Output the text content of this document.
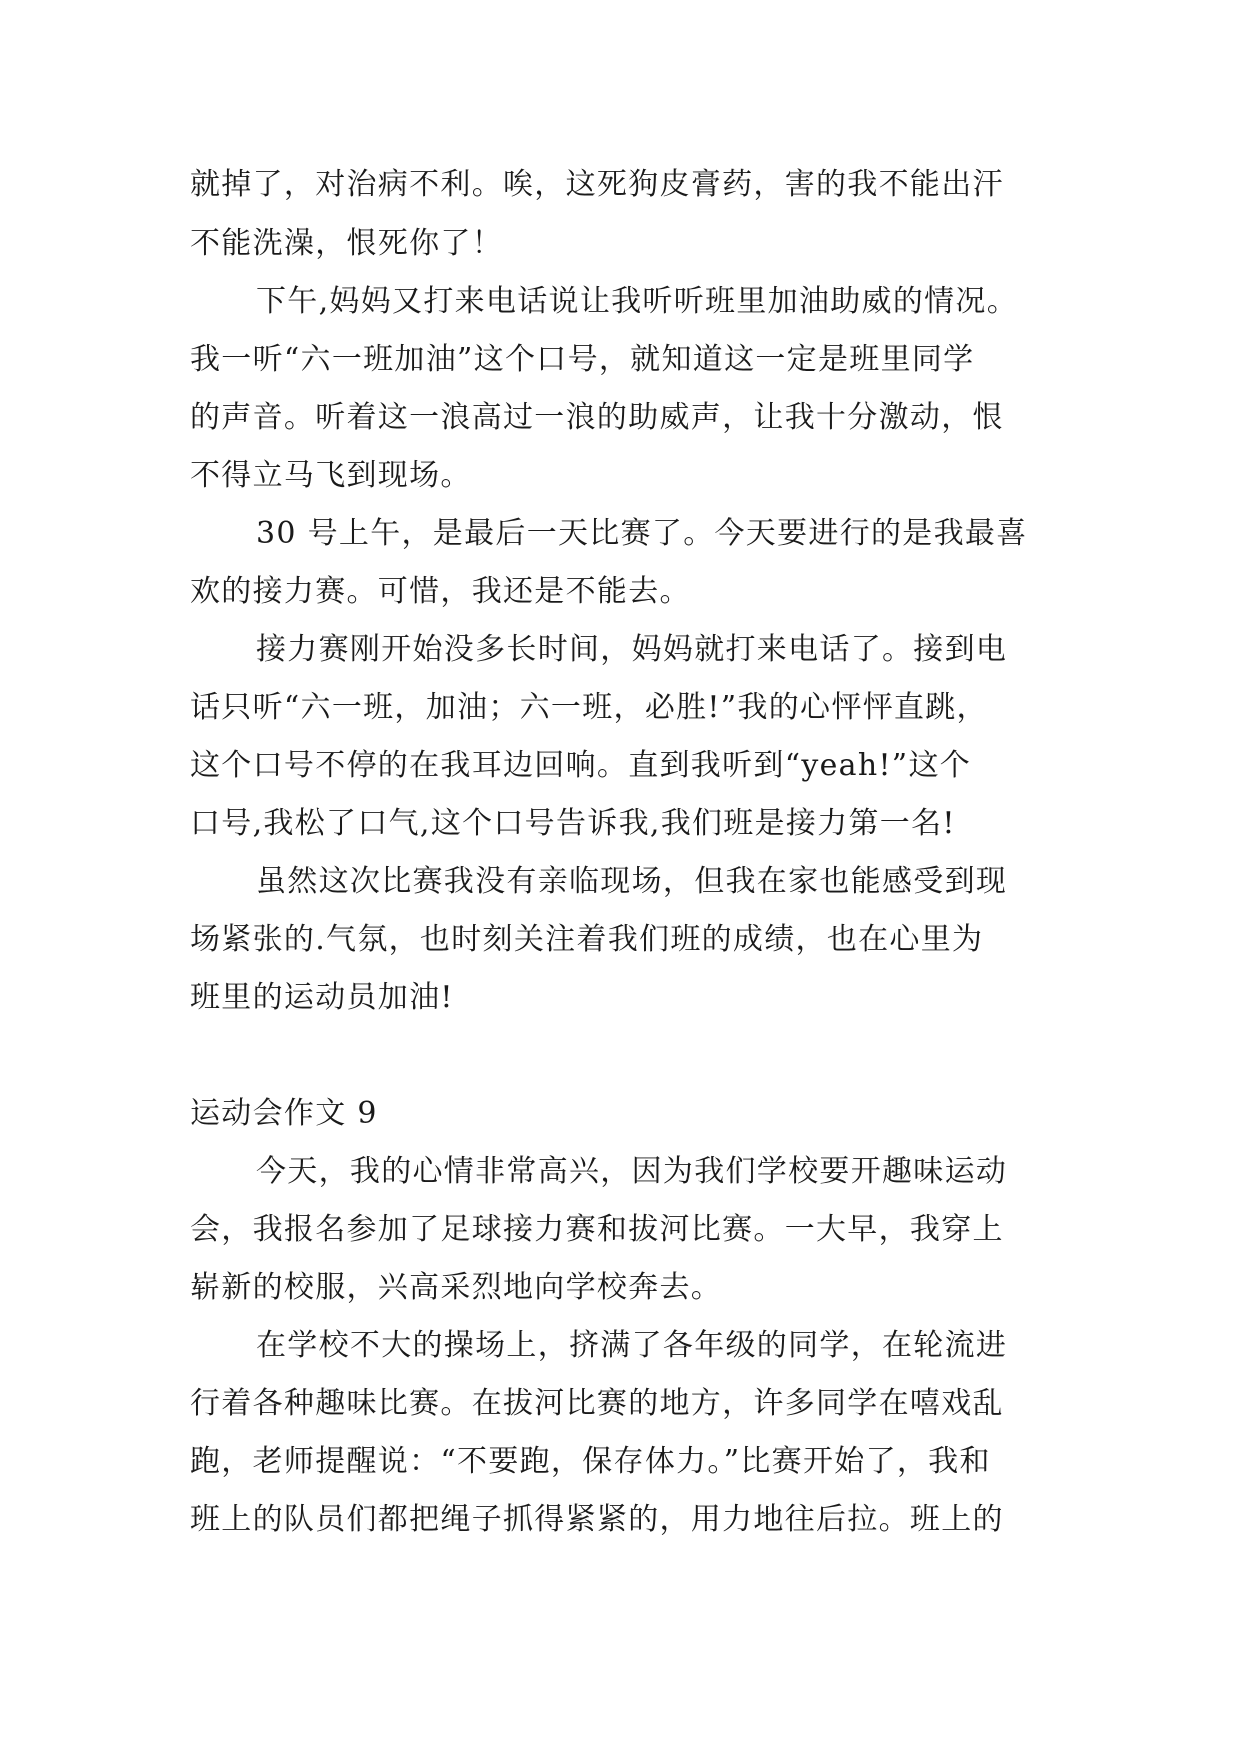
就掉了，对治病不利。唉，这死狗皮膏药，害的我不能出汗
不能洗澡，恨死你了！
下午,妈妈又打来电话说让我听听班里加油助威的情况。
我一听“六一班加油”这个口号，就知道这一定是班里同学
的声音。听着这一浪高过一浪的助威声，让我十分激动，恨
不得立马飞到现场。
30 号上午，是最后一天比赛了。今天要进行的是我最喜
欢的接力赛。可惜，我还是不能去。
接力赛刚开始没多长时间，妈妈就打来电话了。接到电
话只听“六一班，加油；六一班，必胜!”我的心怦怦直跳，
这个口号不停的在我耳边回响。直到我听到“yeah!”这个
口号,我松了口气,这个口号告诉我,我们班是接力第一名!
虽然这次比赛我没有亲临现场，但我在家也能感受到现
场紧张的.气氛，也时刻关注着我们班的成绩，也在心里为
班里的运动员加油!
运动会作文 9
今天，我的心情非常高兴，因为我们学校要开趣味运动
会，我报名参加了足球接力赛和拔河比赛。一大早，我穿上
崭新的校服，兴高采烈地向学校奔去。
在学校不大的操场上，挤满了各年级的同学，在轮流进
行着各种趣味比赛。在拔河比赛的地方，许多同学在嘻戏乱
跑，老师提醒说：“不要跑，保存体力。”比赛开始了，我和
班上的队员们都把绳子抓得紧紧的，用力地往后拉。班上的
